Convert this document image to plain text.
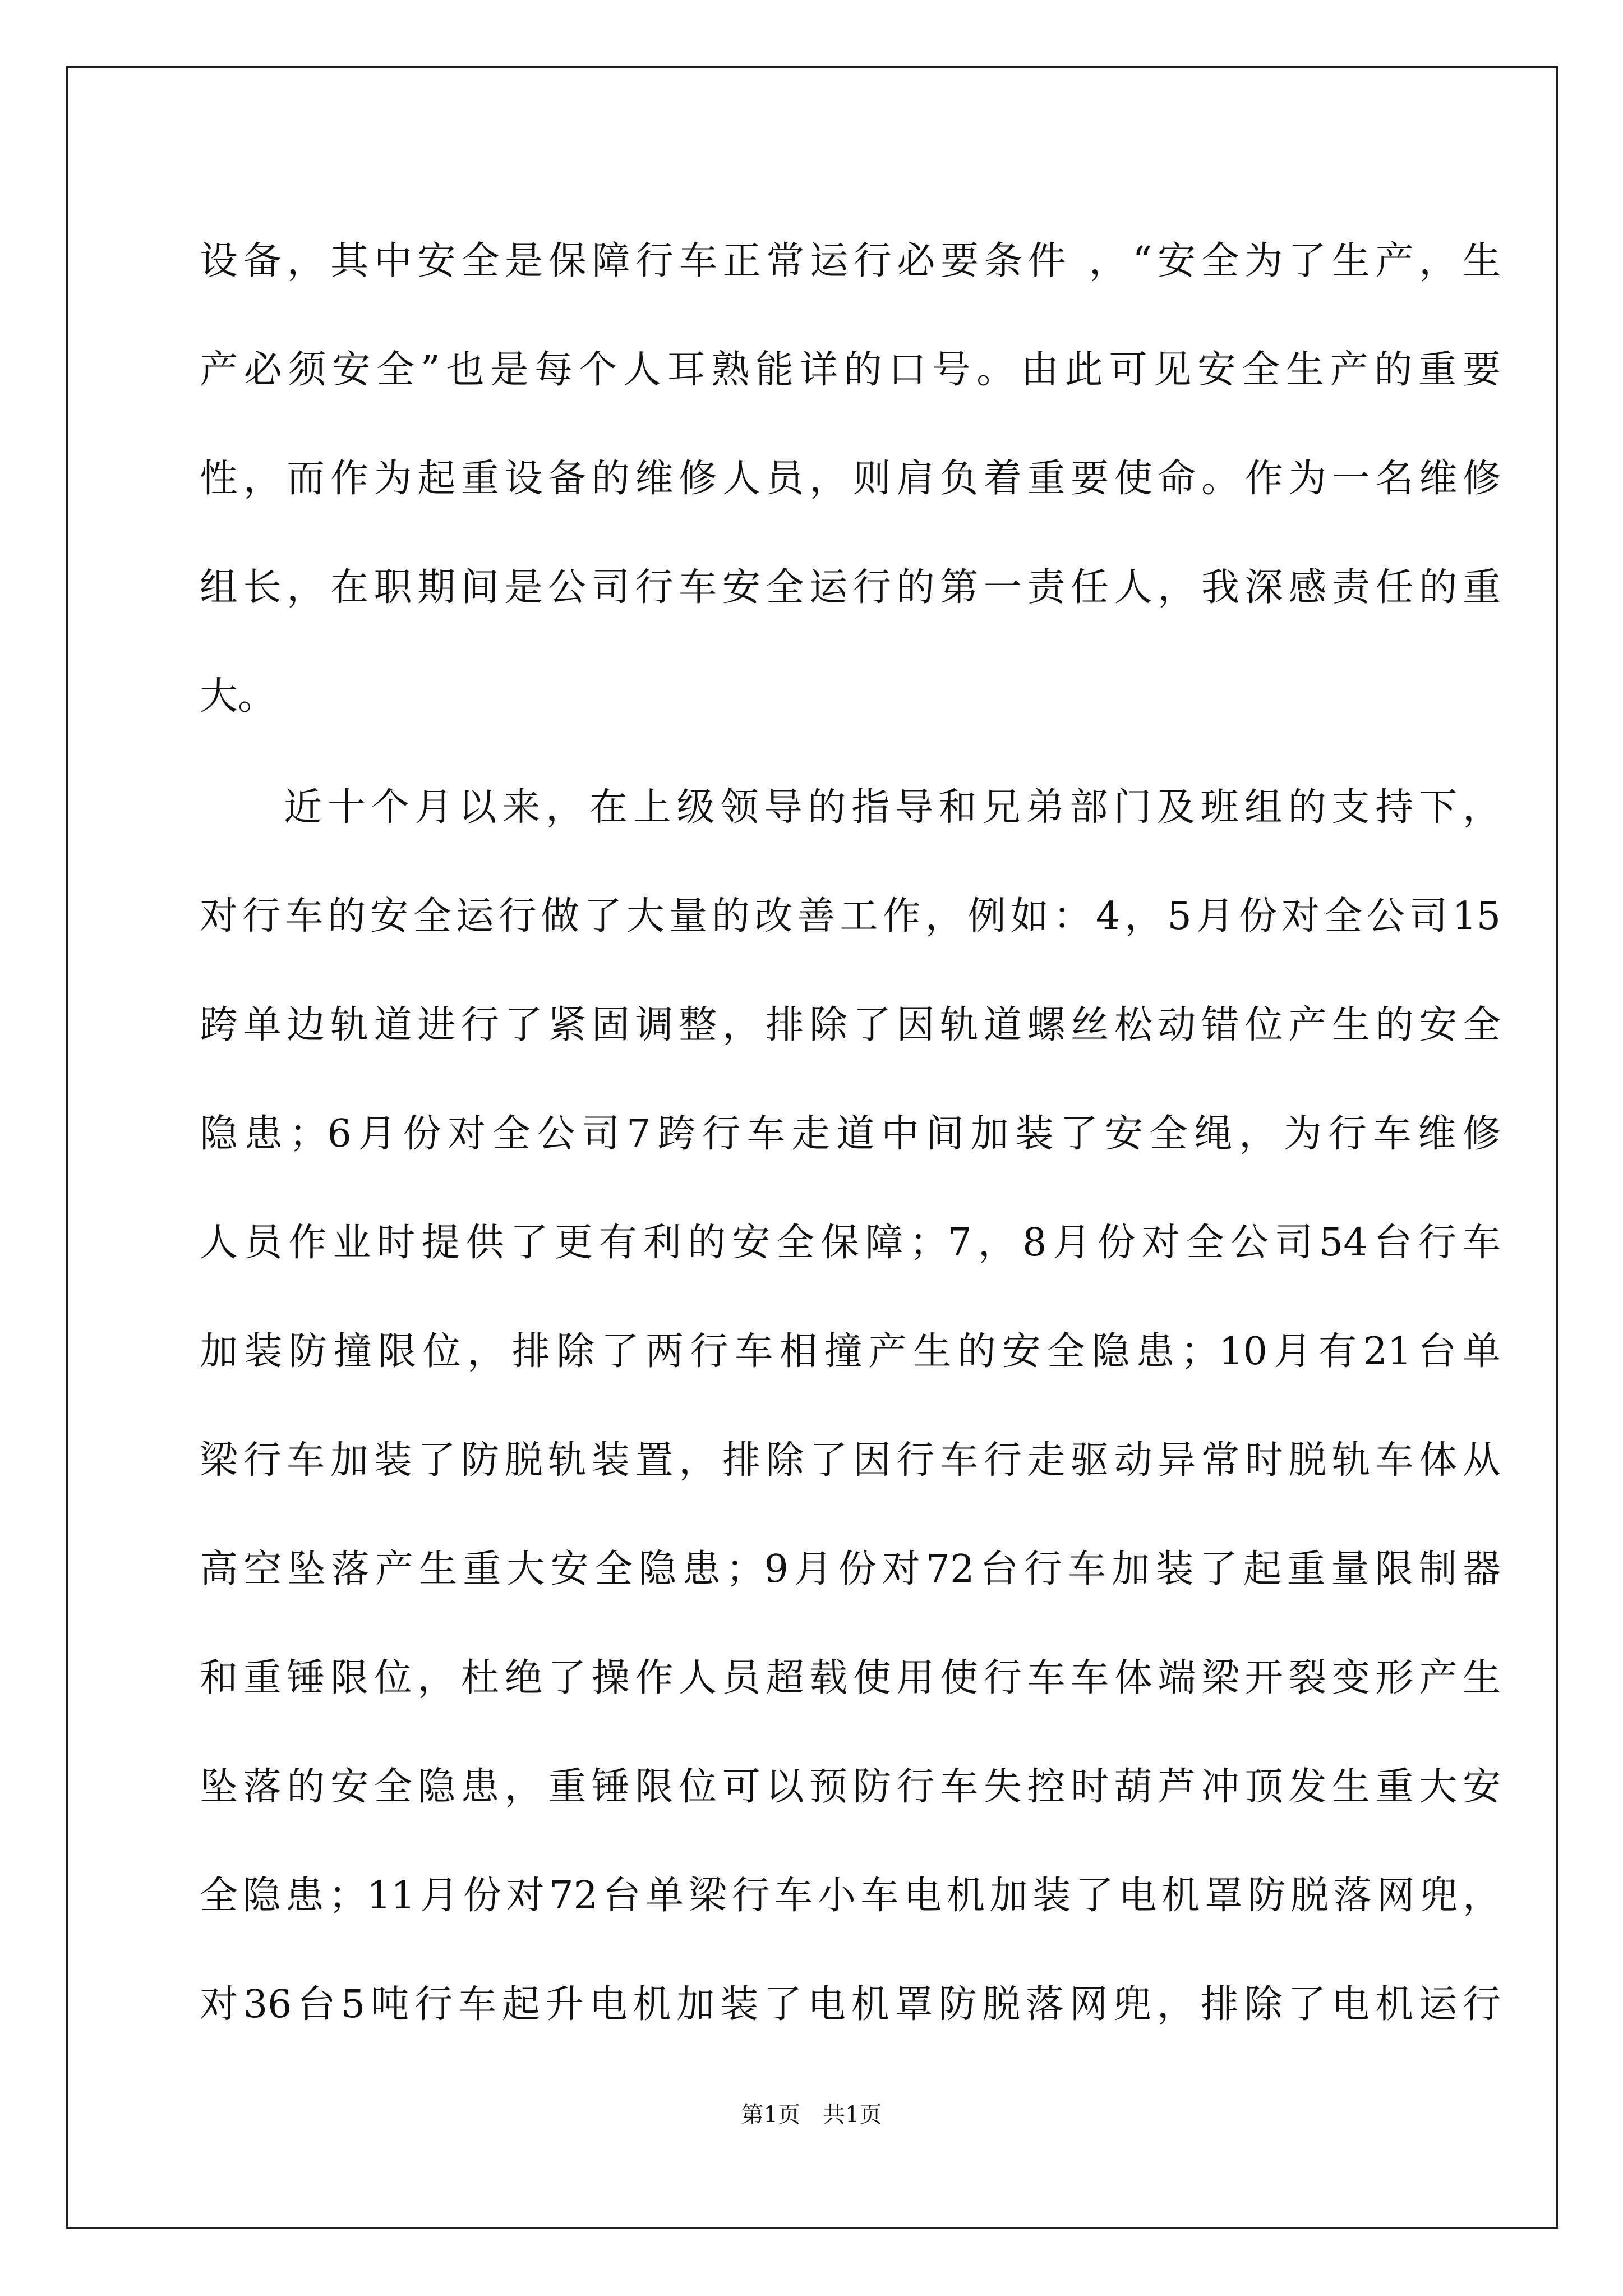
设备，其中安全是保障行车正常运行必要条件 ，“安全为了生产，生
产必须安全”也是每个人耳熟能详的口号。由此可见安全生产的重要
性，而作为起重设备的维修人员，则肩负着重要使命。作为一名维修
组长，在职期间是公司行车安全运行的第一责任人，我深感责任的重
大。
近十个月以来，在上级领导的指导和兄弟部门及班组的支持下，
对行车的安全运行做了大量的改善工作，例如：4，5月份对全公司15
跨单边轨道进行了紧固调整，排除了因轨道螺丝松动错位产生的安全
隐患；6月份对全公司7跨行车走道中间加装了安全绳，为行车维修
人员作业时提供了更有利的安全保障；7，8月份对全公司54台行车
加装防撞限位，排除了两行车相撞产生的安全隐患；10月有21台单
梁行车加装了防脱轨装置，排除了因行车行走驱动异常时脱轨车体从
高空坠落产生重大安全隐患；9月份对72台行车加装了起重量限制器
和重锤限位，杜绝了操作人员超载使用使行车车体端梁开裂变形产生
坠落的安全隐患，重锤限位可以预防行车失控时葫芦冲顶发生重大安
全隐患；11月份对72台单梁行车小车电机加装了电机罩防脱落网兜，
对36台5吨行车起升电机加装了电机罩防脱落网兜，排除了电机运行
第1页　共1页
